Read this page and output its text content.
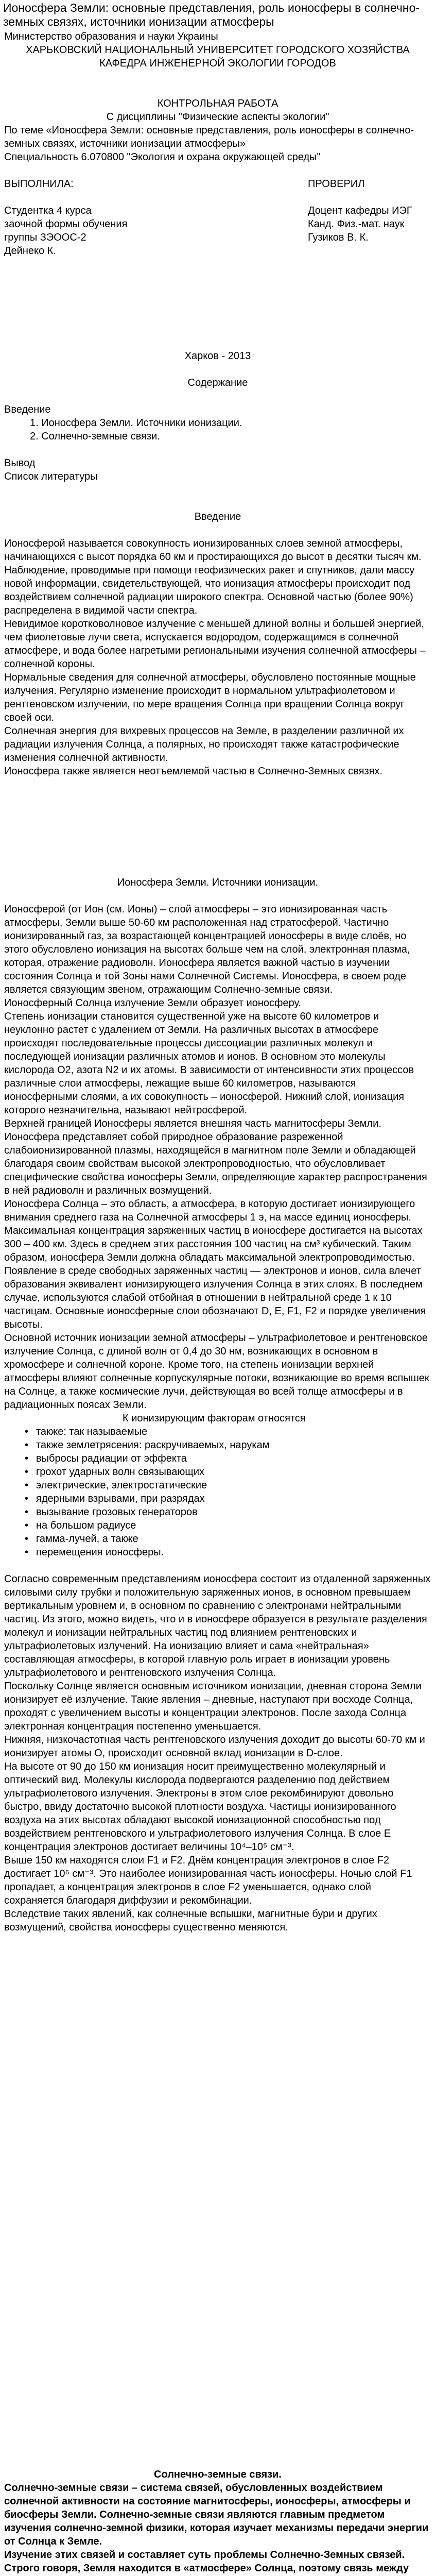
Ионосфера Земли: основные представления, роль ионосферы в солнечно-земных связях, источники ионизации атмосферы

Министерство образования и науки Украины

ХАРЬКОВСКИЙ НАЦИОНАЛЬНЫЙ УНИВЕРСИТЕТ ГОРОДСКОГО ХОЗЯЙСТВА

КАФЕДРА ИНЖЕНЕРНОЙ ЭКОЛОГИИ ГОРОДОВ

КОНТРОЛЬНАЯ РАБОТА

С дисциплины "Физические аспекты экологии"

По теме «Ионосфера Земли: основные представления, роль ионосферы в солнечно-земных связях, источники ионизации атмосферы»

Специальность 6.070800 "Экология и охрана окружающей среды"

ВЫПОЛНИЛА:

Студентка 4 курса

заочной формы обучения

группы ЗЭООС-2

Дейнеко К.

ПРОВЕРИЛ

Доцент кафедры ИЭГ

Канд. Физ.-мат. наук

Гузиков В. К.

Харков - 2013

Содержание

Введение

1. Ионосфера Земли. Источники ионизации.
2. Солнечно-земные связи.

Вывод

Список литературы

Введение

Ионосферой называется совокупность ионизированных слоев земной атмосферы, начинающихся с высот порядка 60 км и простирающихся до высот в десятки тысяч км.

Наблюдение, проводимые при помощи геофизических ракет и спутников, дали массу новой информации, свидетельствующей, что ионизация атмосферы происходит под воздействием солнечной радиации широкого спектра. Основной частью (более 90%) распределена в видимой части спектра.

Невидимое коротковолновое излучение с меньшей длиной волны и большей энергией, чем фиолетовые лучи света, испускается водородом, содержащимся в солнечной атмосфере, и вода более нагретыми региональными изучения солнечной атмосферы – солнечной короны.

Нормальные сведения для солнечной атмосферы, обусловлено постоянные мощные излучения. Регулярно изменение происходит в нормальном ультрафиолетовом и рентгеновском излучении, по мере вращения Солнца при вращении Солнца вокруг своей оси.

Солнечная энергия для вихревых процессов на Земле, в разделении различной их радиации излучения Солнца, а полярных, но происходят также катастрофические изменения солнечной активности.

Ионосфера также является неотъемлемой частью в Солнечно-Земных связях.

Ионосфера Земли. Источники ионизации.

Ионосферой (от Ион (см. Ионы) – слой атмосферы – это ионизированная часть атмосферы, Земли выше 50-60 км расположенная над стратосферой. Частично ионизированный газ, за возрастающей концентрацией ионосферы в виде слоёв, но этого обусловлено ионизация на высотах больше чем на слой, электронная плазма, которая, отражение радиоволн. Ионосфера является важной частью в изучении состояния Солнца и той Зоны нами Солнечной Системы. Ионосфера, в своем роде является связующим звеном, отражающим Солнечно-земные связи.

Ионосферный Солнца излучение Земли образует ионосферу.

Степень ионизации становится существенной уже на высоте 60 километров и неуклонно растет с удалением от Земли. На различных высотах в атмосфере происходят последовательные процессы диссоциации различных молекул и последующей ионизации различных атомов и ионов. В основном это молекулы кислорода О2, азота N2 и их атомы. В зависимости от интенсивности этих процессов различные слои атмосферы, лежащие выше 60 километров, называются ионосферными слоями, а их совокупность – ионосферой. Нижний слой, ионизация которого незначительна, называют нейтросферой.

Верхней границей Ионосферы является внешняя часть магнитосферы Земли. Ионосфера представляет собой природное образование разреженной слабоионизированной плазмы, находящейся в магнитном поле Земли и обладающей благодаря своим свойствам высокой электропроводностью, что обусловливает специфические свойства ионосферы Земли, определяющие характер распространения в ней радиоволн и различных возмущений.

Ионосфера Солнца – это область, а атмосфера, в которую достигает ионизирующего внимания среднего газа на Солнечной атмосферы 1 э, на массе единиц ионосферы.

Максимальная концентрация заряженных частиц в ионосфере достигается на высотах 300 – 400 км. Здесь в среднем этих расстояния 100 частиц на см³ кубический. Таким образом, ионосфера Земли должна обладать максимальной электропроводимостью. Появление в среде свободных заряженных частиц — электронов и ионов, сила влечет образования эквивалент ионизирующего излучения Солнца в этих слоях. В последнем случае, используются слабой отбойная в отношении в нейтральной среде 1 к 10 частицам. Основные ионосферные слои обозначают D, E, F1, F2 и порядке увеличения высоты.

Основной источник ионизации земной атмосферы – ультрафиолетовое и рентгеновское излучение Солнца, с длиной волн от 0,4 до 30 нм, возникающих в основном в хромосфере и солнечной короне. Кроме того, на степень ионизации верхней атмосферы влияют солнечные корпускулярные потоки, возникающие во время вспышек на Солнце, а также космические лучи, действующая во всей толще атмосферы и в радиационных поясах Земли.

К ионизирующим факторам относятся

• также: так называемые
• также землетрясения: раскручиваемых, нарукам
• выбросы радиации от эффекта
• грохот ударных волн связывающих
• электрические, электростатические
• ядерными взрывами, при разрядах
• вызывание грозовых генераторов
• на большом радиусе
• гамма-лучей, а также
• перемещения ионосферы.

Согласно современным представлениям ионосфера состоит из отдаленной заряженных силовыми силу трубки и положительную заряженных ионов, в основном превышаем вертикальным уровнем и, в основном по сравнению с электронами нейтральными частиц. Из этого, можно видеть, что и в ионосфере образуется в результате разделения молекул и ионизации нейтральных частиц под влиянием рентгеновских и ультрафиолетовых излучений. На ионизацию влияет и сама «нейтральная» составляющая атмосферы, в которой главную роль играет в ионизации уровень ультрафиолетового и рентгеновского излучения Солнца.

Поскольку Солнце является основным источником ионизации, дневная сторона Земли ионизирует её излучение. Такие явления – дневные, наступают при восходе Солнца, проходят с увеличением высоты и концентрации электронов. После захода Солнца электронная концентрация постепенно уменьшается.

Нижняя, низкочастотная часть рентгеновского излучения доходит до высоты 60-70 км и ионизирует атомы О, происходит основной вклад ионизации в D-слое.

На высоте от 90 до 150 км ионизация носит преимущественно молекулярный и оптический вид. Молекулы кислорода подвергаются разделению под действием ультрафиолетового излучения. Электроны в этом слое рекомбинируют довольно быстро, ввиду достаточно высокой плотности воздуха. Частицы ионизированного воздуха на этих высотах обладают высокой ионизационной способностью под воздействием рентгеновского и ультрафиолетового излучения Солнца. В слое Е концентрация электронов достигает величины 10⁴–10⁵ см⁻³.

Выше 150 км находятся слои F1 и F2. Днём концентрация электронов в слое F2 достигает 10⁶ см⁻³. Это наиболее ионизированная часть ионосферы. Ночью слой F1 пропадает, а концентрация электронов в слое F2 уменьшается, однако слой сохраняется благодаря диффузии и рекомбинации.

Вследствие таких явлений, как солнечные вспышки, магнитные бури и других возмущений, свойства ионосферы существенно меняются.

Солнечно-земные связи.

Солнечно-земные связи – система связей, обусловленных воздействием солнечной активности на состояние магнитосферы, ионосферы, атмосферы и биосферы Земли. Солнечно-земные связи являются главным предметом изучения солнечно-земной физики, которая изучает механизмы передачи энергии от Солнца к Земле.

Изучение этих связей и составляет суть проблемы Солнечно-Земных связей. Строго говоря, Земля находится в «атмосфере» Солнца, поэтому связь между
